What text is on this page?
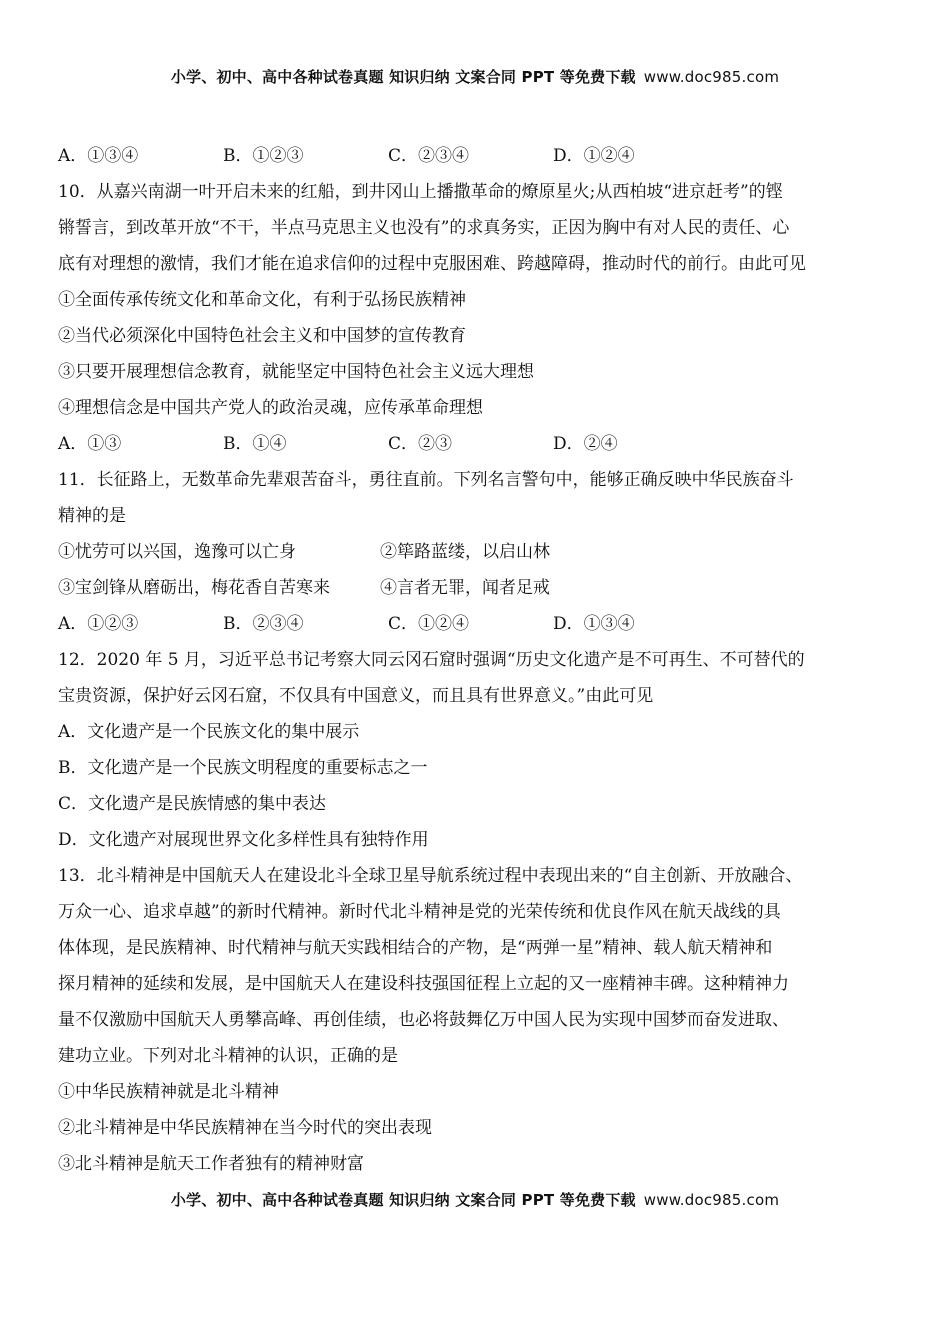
小学、初中、高中各种试卷真题 知识归纳 文案合同 PPT 等免费下载 www.doc985.com
A．①③④	B．①②③	C．②③④	D．①②④
10．从嘉兴南湖一叶开启未来的红船，到井冈山上播撒革命的燎原星火;从西柏坡“进京赶考”的铿
锵誓言，到改革开放“不干，半点马克思主义也没有”的求真务实，正因为胸中有对人民的责任、心
底有对理想的激情，我们才能在追求信仰的过程中克服困难、跨越障碍，推动时代的前行。由此可见
①全面传承传统文化和革命文化，有利于弘扬民族精神
②当代必须深化中国特色社会主义和中国梦的宣传教育
③只要开展理想信念教育，就能坚定中国特色社会主义远大理想
④理想信念是中国共产党人的政治灵魂，应传承革命理想
A．①③	B．①④	C．②③	D．②④
11．长征路上，无数革命先辈艰苦奋斗，勇往直前。下列名言警句中，能够正确反映中华民族奋斗
精神的是
①忧劳可以兴国，逸豫可以亡身	②筚路蓝缕，以启山林
③宝剑锋从磨砺出，梅花香自苦寒来	④言者无罪，闻者足戒
A．①②③	B．②③④	C．①②④	D．①③④
12．2020 年 5 月，习近平总书记考察大同云冈石窟时强调“历史文化遗产是不可再生、不可替代的
宝贵资源，保护好云冈石窟，不仅具有中国意义，而且具有世界意义。”由此可见
A．文化遗产是一个民族文化的集中展示
B．文化遗产是一个民族文明程度的重要标志之一
C．文化遗产是民族情感的集中表达
D．文化遗产对展现世界文化多样性具有独特作用
13．北斗精神是中国航天人在建设北斗全球卫星导航系统过程中表现出来的“自主创新、开放融合、
万众一心、追求卓越”的新时代精神。新时代北斗精神是党的光荣传统和优良作风在航天战线的具
体体现，是民族精神、时代精神与航天实践相结合的产物，是“两弹一星”精神、载人航天精神和
探月精神的延续和发展，是中国航天人在建设科技强国征程上立起的又一座精神丰碑。这种精神力
量不仅激励中国航天人勇攀高峰、再创佳绩，也必将鼓舞亿万中国人民为实现中国梦而奋发进取、
建功立业。下列对北斗精神的认识，正确的是
①中华民族精神就是北斗精神
②北斗精神是中华民族精神在当今时代的突出表现
③北斗精神是航天工作者独有的精神财富
小学、初中、高中各种试卷真题 知识归纳 文案合同 PPT 等免费下载 www.doc985.com
